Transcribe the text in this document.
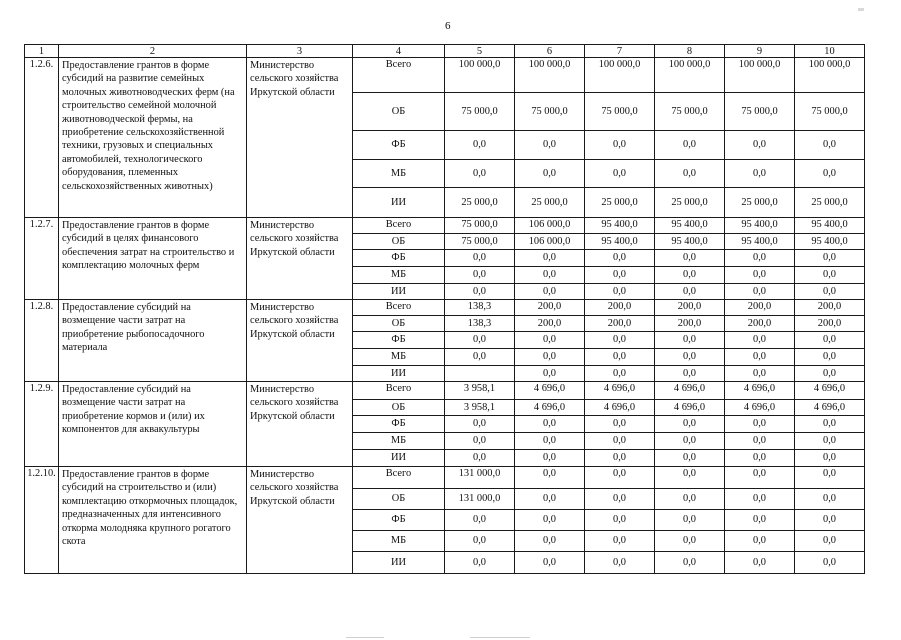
6
1	2	3	4	5	6	7	8	9	10
1.2.6.	Предоставление грантов в форме субсидий на развитие семейных молочных животноводческих ферм (на строительство семейной молочной животноводческой фермы, на приобретение сельскохозяйственной техники, грузовых и специальных автомобилей, технологического оборудования, племенных сельскохозяйственных животных)	Министерство сельского хозяйства Иркутской области	Всего	100 000,0	100 000,0	100 000,0	100 000,0	100 000,0	100 000,0
			ОБ	75 000,0	75 000,0	75 000,0	75 000,0	75 000,0	75 000,0
			ФБ	0,0	0,0	0,0	0,0	0,0	0,0
			МБ	0,0	0,0	0,0	0,0	0,0	0,0
			ИИ	25 000,0	25 000,0	25 000,0	25 000,0	25 000,0	25 000,0
1.2.7.	Предоставление грантов в форме субсидий в целях финансового обеспечения затрат на строительство и комплектацию молочных ферм	Министерство сельского хозяйства Иркутской области	Всего	75 000,0	106 000,0	95 400,0	95 400,0	95 400,0	95 400,0
			ОБ	75 000,0	106 000,0	95 400,0	95 400,0	95 400,0	95 400,0
			ФБ	0,0	0,0	0,0	0,0	0,0	0,0
			МБ	0,0	0,0	0,0	0,0	0,0	0,0
			ИИ	0,0	0,0	0,0	0,0	0,0	0,0
1.2.8.	Предоставление субсидий на возмещение части затрат на приобретение рыбопосадочного материала	Министерство сельского хозяйства Иркутской области	Всего	138,3	200,0	200,0	200,0	200,0	200,0
			ОБ	138,3	200,0	200,0	200,0	200,0	200,0
			ФБ	0,0	0,0	0,0	0,0	0,0	0,0
			МБ	0,0	0,0	0,0	0,0	0,0	0,0
			ИИ		0,0	0,0	0,0	0,0	0,0
1.2.9.	Предоставление субсидий на возмещение части затрат на приобретение кормов и (или) их компонентов для аквакультуры	Министерство сельского хозяйства Иркутской области	Всего	3 958,1	4 696,0	4 696,0	4 696,0	4 696,0	4 696,0
			ОБ	3 958,1	4 696,0	4 696,0	4 696,0	4 696,0	4 696,0
			ФБ	0,0	0,0	0,0	0,0	0,0	0,0
			МБ	0,0	0,0	0,0	0,0	0,0	0,0
			ИИ	0,0	0,0	0,0	0,0	0,0	0,0
1.2.10.	Предоставление грантов в форме субсидий на строительство и (или) комплектацию откормочных площадок, предназначенных для интенсивного откорма молодняка крупного рогатого скота	Министерство сельского хозяйства Иркутской области	Всего	131 000,0	0,0	0,0	0,0	0,0	0,0
			ОБ	131 000,0	0,0	0,0	0,0	0,0	0,0
			ФБ	0,0	0,0	0,0	0,0	0,0	0,0
			МБ	0,0	0,0	0,0	0,0	0,0	0,0
			ИИ	0,0	0,0	0,0	0,0	0,0	0,0
